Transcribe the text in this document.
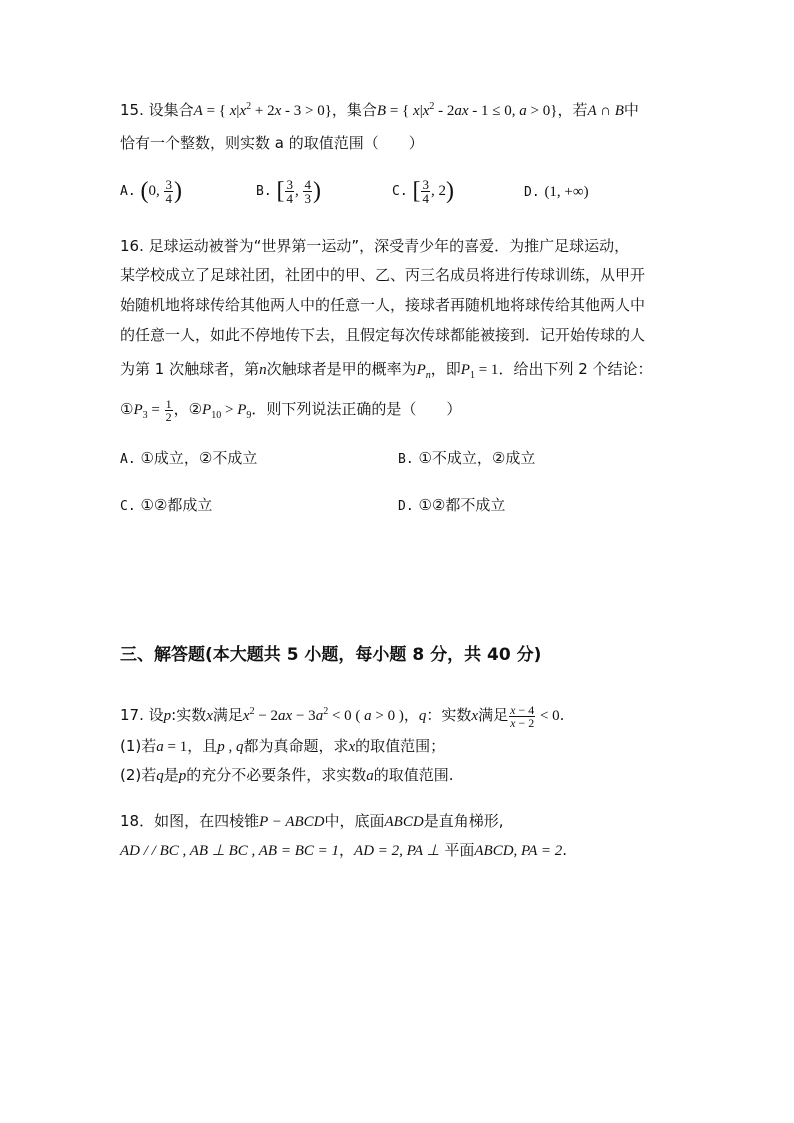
15. 设集合A = { $x|x^2 + 2x - 3 > 0$}，集合B = { $x|x^2 - 2ax - 1 \le 0$, a > 0}，若A ∩ B中
恰有一个整数，则实数 a 的取值范围（　　）
A. (0, $\frac{3}{4}$ )	B. [ $\frac{3}{4}$ , $\frac{4}{3}$ )	C. [ $\frac{3}{4}$ , 2)	D. (1, +∞)
16. 足球运动被誉为“世界第一运动”，深受青少年的喜爱．为推广足球运动，
某学校成立了足球社团，社团中的甲、乙、丙三名成员将进行传球训练，从甲开
始随机地将球传给其他两人中的任意一人，接球者再随机地将球传给其他两人中
的任意一人，如此不停地传下去，且假定每次传球都能被接到．记开始传球的人
为第 1 次触球者，第n次触球者是甲的概率为$P_n$，即$P_1 = 1$．给出下列 2 个结论：
$①P_3 = \frac{1}{2}$ ，$②P_{10} > P_9$．则下列说法正确的是（　　）
A. ①成立，②不成立	B. ①不成立，②成立
C. ①②都成立	D. ①②都不成立
三、解答题(本大题共 5 小题，每小题 8 分，共 40 分)
17. 设p:实数x满足$x^2 - 2ax - 3a^2 < 0$ ( a > 0 )，q：实数x满足 $\frac{x - 4}{x - 2} < 0$.
(1)若a = 1，且p , q都为真命题，求x的取值范围；
(2)若q是p的充分不必要条件，求实数a的取值范围.
18．如图，在四棱锥P − ABCD中，底面ABCD是直角梯形,
AD / / BC , AB ⊥ BC , AB = BC = 1，AD = 2, PA ⊥ 平面ABCD, PA = 2.
